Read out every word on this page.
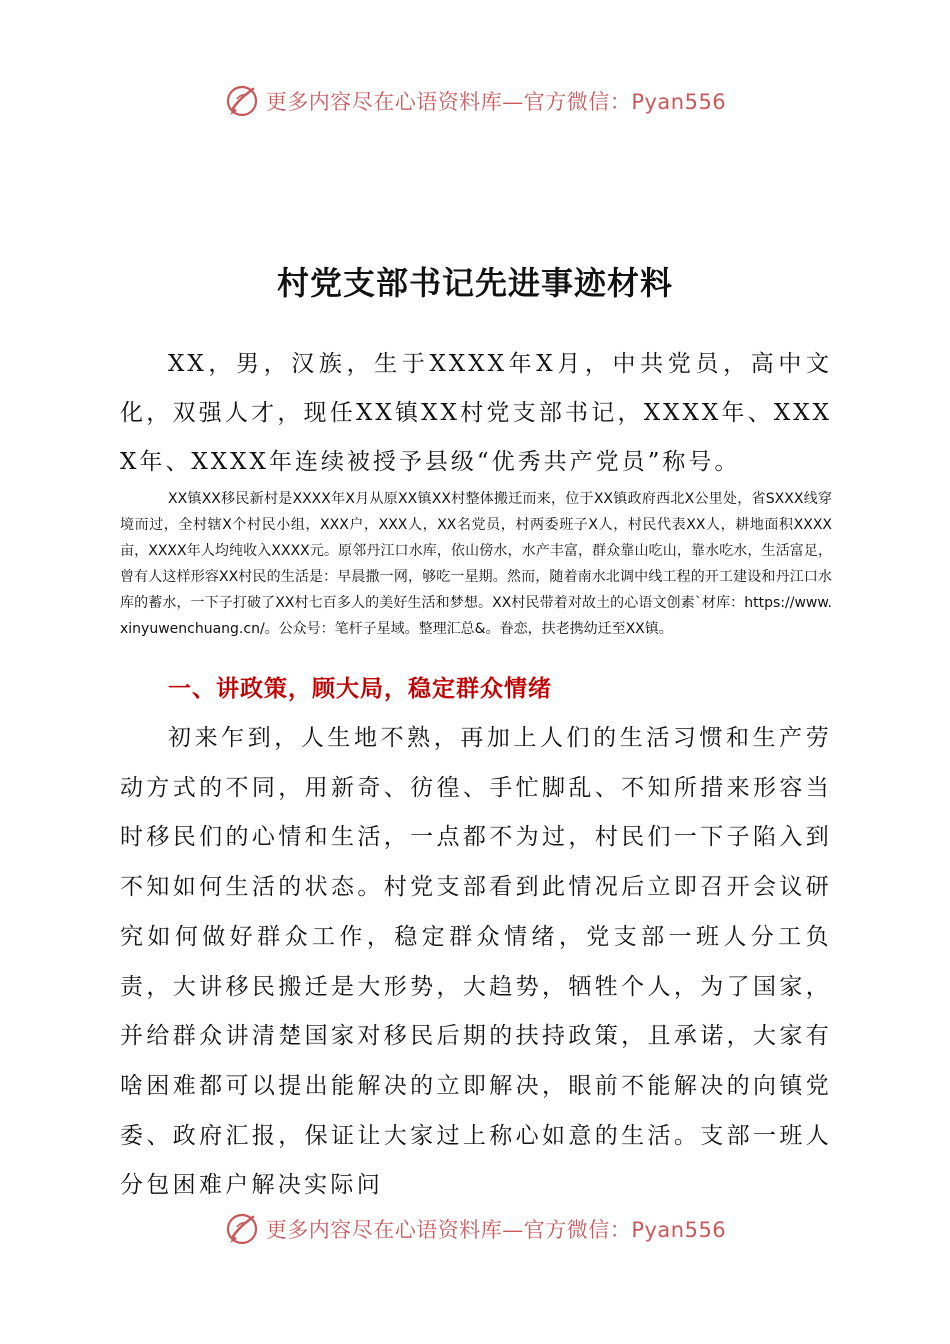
更多内容尽在心语资料库—官方微信：Pyan556
村党支部书记先进事迹材料

XX，男，汉族，生于XXXX年X月，中共党员，高中文化，双强人才，现任XX镇XX村党支部书记，XXXX年、XXXX年、XXXX年连续被授予县级“优秀共产党员”称号。

XX镇XX移民新村是XXXX年X月从原XX镇XX村整体搬迁而来，位于XX镇政府西北X公里处，省SXXX线穿境而过，全村辖X个村民小组，XXX户，XXX人，XX名党员，村两委班子X人，村民代表XX人，耕地面积XXXX亩，XXXX年人均纯收入XXXX元。原邻丹江口水库，依山傍水，水产丰富，群众靠山吃山，靠水吃水，生活富足，曾有人这样形容XX村民的生活是：早晨撒一网，够吃一星期。然而，随着南水北调中线工程的开工建设和丹江口水库的蓄水，一下子打破了XX村七百多人的美好生活和梦想。XX村民带着对故土的心语文创素`材库：https://www.xinyuwenchuang.cn/。公众号：笔杆子星域。整理汇总&。眷恋，扶老携幼迁至XX镇。

一、讲政策，顾大局，稳定群众情绪

初来乍到，人生地不熟，再加上人们的生活习惯和生产劳动方式的不同，用新奇、彷徨、手忙脚乱、不知所措来形容当时移民们的心情和生活，一点都不为过，村民们一下子陷入到不知如何生活的状态。村党支部看到此情况后立即召开会议研究如何做好群众工作，稳定群众情绪，党支部一班人分工负责，大讲移民搬迁是大形势，大趋势，牺牲个人，为了国家，并给群众讲清楚国家对移民后期的扶持政策，且承诺，大家有啥困难都可以提出能解决的立即解决，眼前不能解决的向镇党委、政府汇报，保证让大家过上称心如意的生活。支部一班人分包困难户解决实际问

更多内容尽在心语资料库—官方微信：Pyan556
